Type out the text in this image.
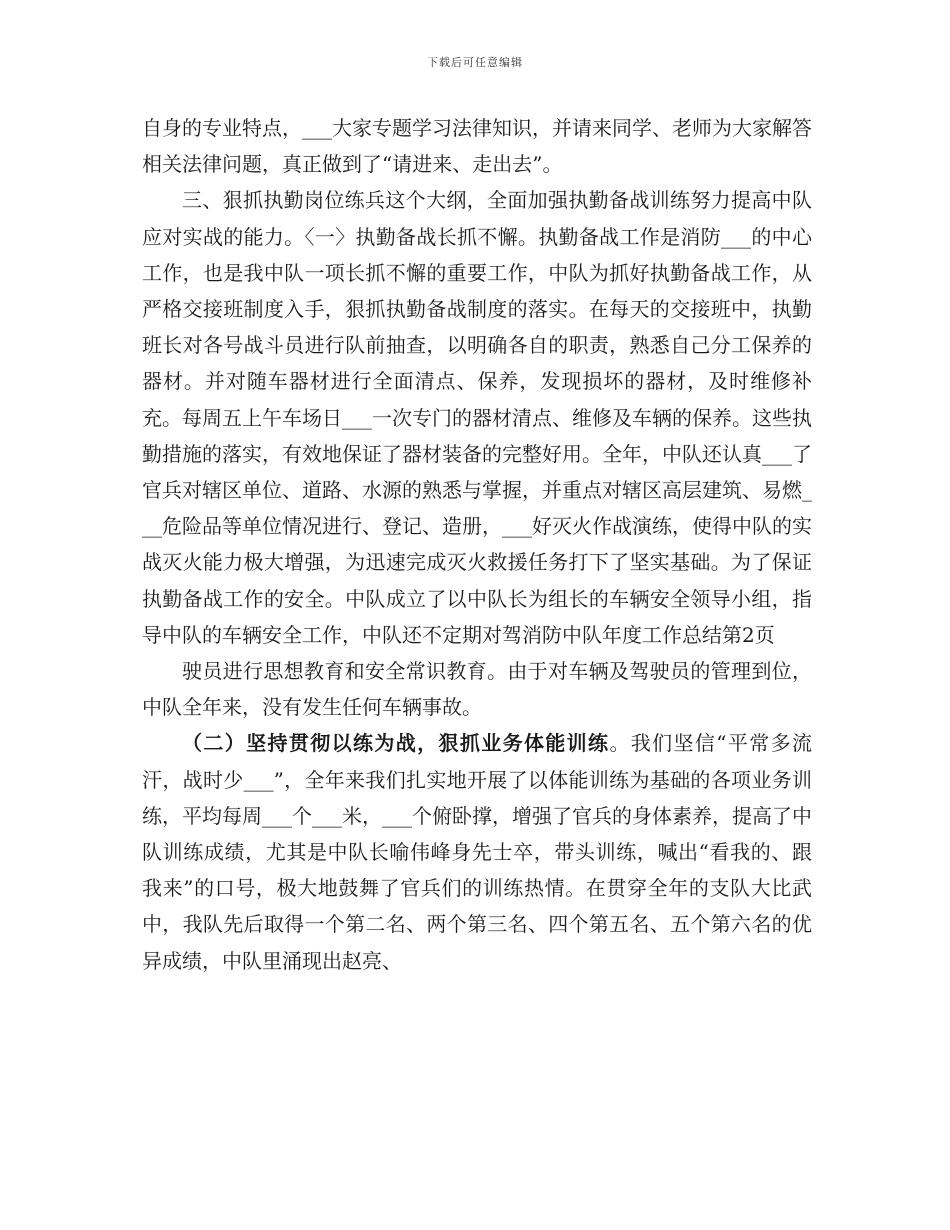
下载后可任意编辑

自身的专业特点，___大家专题学习法律知识，并请来同学、老师为大家解答相关法律问题，真正做到了“请进来、走出去”。

三、狠抓执勤岗位练兵这个大纲，全面加强执勤备战训练努力提高中队应对实战的能力。〈一〉执勤备战长抓不懈。执勤备战工作是消防___的中心工作，也是我中队一项长抓不懈的重要工作，中队为抓好执勤备战工作，从严格交接班制度入手，狠抓执勤备战制度的落实。在每天的交接班中，执勤班长对各号战斗员进行队前抽查，以明确各自的职责，熟悉自己分工保养的器材。并对随车器材进行全面清点、保养，发现损坏的器材，及时维修补充。每周五上午车场日___一次专门的器材清点、维修及车辆的保养。这些执勤措施的落实，有效地保证了器材装备的完整好用。全年，中队还认真___了官兵对辖区单位、道路、水源的熟悉与掌握，并重点对辖区高层建筑、易燃___危险品等单位情况进行、登记、造册，___好灭火作战演练，使得中队的实战灭火能力极大增强，为迅速完成灭火救援任务打下了坚实基础。为了保证执勤备战工作的安全。中队成立了以中队长为组长的车辆安全领导小组，指导中队的车辆安全工作，中队还不定期对驾消防中队年度工作总结第2页

驶员进行思想教育和安全常识教育。由于对车辆及驾驶员的管理到位，中队全年来，没有发生任何车辆事故。

（二）坚持贯彻以练为战，狠抓业务体能训练。我们坚信“平常多流汗，战时少___”，全年来我们扎实地开展了以体能训练为基础的各项业务训练，平均每周___个___米，___个俯卧撑，增强了官兵的身体素养，提高了中队训练成绩，尤其是中队长喻伟峰身先士卒，带头训练，喊出“看我的、跟我来”的口号，极大地鼓舞了官兵们的训练热情。在贯穿全年的支队大比武中，我队先后取得一个第二名、两个第三名、四个第五名、五个第六名的优异成绩，中队里涌现出赵亮、
